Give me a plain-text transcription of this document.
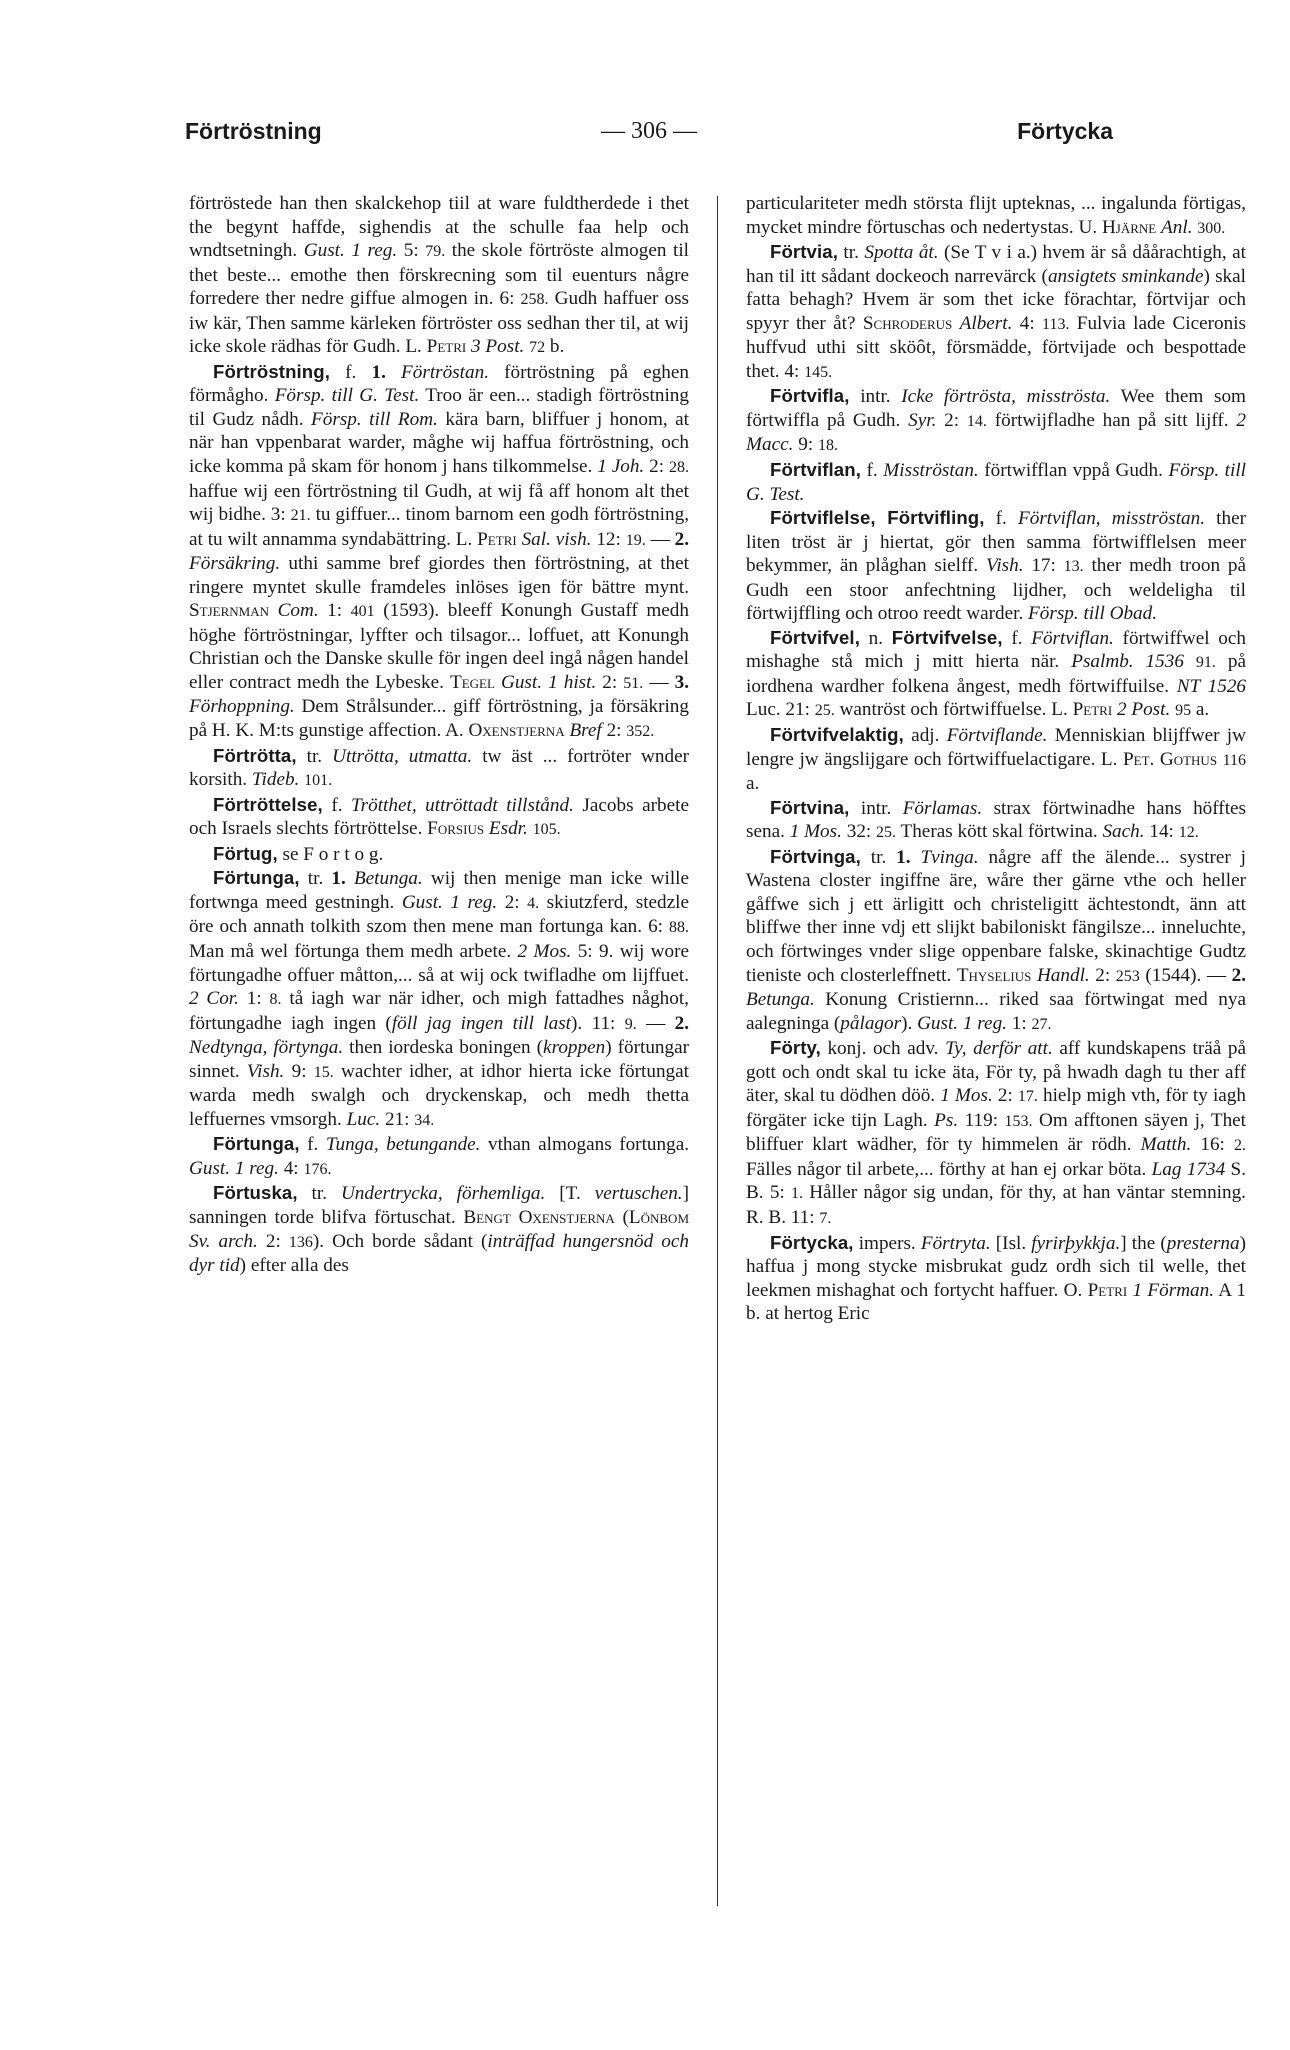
Förtröstning	— 306 —	Förtycka

förtröstede han then skalckehop tiil at ware fuldtherdede i thet the begynt haffde, sighendis at the schulle faa help och wndtsetningh. Gust. 1 reg. 5: 79. the skole förtröste almogen til thet beste... emothe then förskrecning som til euenturs någre forredere ther nedre giffue almogen in. 6: 258. Gudh haffuer oss iw kär, Then samme kärleken förtröster oss sedhan ther til, at wij icke skole rädhas för Gudh. L. Petri 3 Post. 72 b.

Förtröstning, f. 1. Förtröstan. förtröstning på eghen förmågho. Försp. till G. Test. Troo är een... stadigh förtröstning til Gudz nådh. Försp. till Rom. kära barn, bliffuer j honom, at när han vppenbarat warder, måghe wij haffua förtröstning, och icke komma på skam för honom j hans tilkommelse. 1 Joh. 2: 28. haffue wij een förtröstning til Gudh, at wij få aff honom alt thet wij bidhe. 3: 21. tu giffuer... tinom barnom een godh förtröstning, at tu wilt annamma syndabättring. L. Petri Sal. vish. 12: 19. — 2. Försäkring. uthi samme bref giordes then förtröstning, at thet ringere myntet skulle framdeles inlöses igen för bättre mynt. Stjernman Com. 1: 401 (1593). bleeff Konungh Gustaff medh höghe förtröstningar, lyffter och tilsagor... loffuet, att Konungh Christian och the Danske skulle för ingen deel ingå någen handel eller contract medh the Lybeske. Tegel Gust. 1 hist. 2: 51. — 3. Förhoppning. Dem Strålsunder... giff förtröstning, ja försäkring på H. K. M:ts gunstige affection. A. Oxenstjerna Bref 2: 352.

Förtrötta, tr. Uttrötta, utmatta. tw äst ... fortröter wnder korsith. Tideb. 101.

Förtröttelse, f. Trötthet, uttröttadt tillstånd. Jacobs arbete och Israels slechts förtröttelse. Forsius Esdr. 105.

Förtug, se F o r t o g.

Förtunga, tr. 1. Betunga. wij then menige man icke wille fortwnga meed gestningh. Gust. 1 reg. 2: 4. skiutzferd, stedzle öre och annath tolkith szom then mene man fortunga kan. 6: 88. Man må wel förtunga them medh arbete. 2 Mos. 5: 9. wij wore förtungadhe offuer måtton,... så at wij ock twifladhe om lijffuet. 2 Cor. 1: 8. tå iagh war när idher, och migh fattadhes någhot, förtungadhe iagh ingen (föll jag ingen till last). 11: 9. — 2. Nedtynga, förtynga. then iordeska boningen (kroppen) förtungar sinnet. Vish. 9: 15. wachter idher, at idhor hierta icke förtungat warda medh swalgh och dryckenskap, och medh thetta leffuernes vmsorgh. Luc. 21: 34.

Förtunga, f. Tunga, betungande. vthan almogans fortunga. Gust. 1 reg. 4: 176.

Förtuska, tr. Undertrycka, förhemliga. [T. vertuschen.] sanningen torde blifva förtuschat. Bengt Oxenstjerna (Lönbom Sv. arch. 2: 136). Och borde sådant (inträffad hungersnöd och dyr tid) efter alla des

particulariteter medh största flijt upteknas, ... ingalunda förtigas, mycket mindre förtuschas och nedertystas. U. Hjärne Anl. 300.

Förtvia, tr. Spotta åt. (Se T v i a.) hvem är så dåårachtigh, at han til itt sådant dockeoch narrevärck (ansigtets sminkande) skal fatta behagh? Hvem är som thet icke förachtar, förtvijar och spyyr ther åt? Schroderus Albert. 4: 113. Fulvia lade Ciceronis huffvud uthi sitt sköôt, försmädde, förtvijade och bespottade thet. 4: 145.

Förtvifla, intr. Icke förtrösta, misströsta. Wee them som förtwiffla på Gudh. Syr. 2: 14. förtwijfladhe han på sitt lijff. 2 Macc. 9: 18.

Förtviflan, f. Misströstan. förtwifflan vppå Gudh. Försp. till G. Test.

Förtviflelse, Förtvifling, f. Förtviflan, misströstan. ther liten tröst är j hiertat, gör then samma förtwifflelsen meer bekymmer, än plåghan sielff. Vish. 17: 13. ther medh troon på Gudh een stoor anfechtning lijdher, och weldeligha til förtwijffling och otroo reedt warder. Försp. till Obad.

Förtvifvel, n. Förtvifvelse, f. Förtviflan. förtwiffwel och mishaghe stå mich j mitt hierta när. Psalmb. 1536 91. på iordhena wardher folkena ångest, medh förtwiffuilse. NT 1526 Luc. 21: 25. wantröst och förtwiffuelse. L. Petri 2 Post. 95 a.

Förtvifvelaktig, adj. Förtviflande. Menniskian blijffwer jw lengre jw ängslijgare och förtwiffuelactigare. L. Pet. Gothus 116 a.

Förtvina, intr. Förlamas. strax förtwinadhe hans höfftes sena. 1 Mos. 32: 25. Theras kött skal förtwina. Sach. 14: 12.

Förtvinga, tr. 1. Tvinga. någre aff the älende... systrer j Wastena closter ingiffne äre, wåre ther gärne vthe och heller gåffwe sich j ett ärligitt och christeligitt ächtestondt, änn att bliffwe ther inne vdj ett slijkt babiloniskt fängilsze... inneluchte, och förtwinges vnder slige oppenbare falske, skinachtige Gudtz tieniste och closterleffnett. Thyselius Handl. 2: 253 (1544). — 2. Betunga. Konung Cristiernn... riked saa förtwingat med nya aalegninga (pålagor). Gust. 1 reg. 1: 27.

Förty, konj. och adv. Ty, derför att. aff kundskapens träå på gott och ondt skal tu icke äta, För ty, på hwadh dagh tu ther aff äter, skal tu dödhen döö. 1 Mos. 2: 17. hielp migh vth, för ty iagh förgäter icke tijn Lagh. Ps. 119: 153. Om afftonen säyen j, Thet bliffuer klart wädher, för ty himmelen är rödh. Matth. 16: 2. Fälles någor til arbete,... förthy at han ej orkar böta. Lag 1734 S. B. 5: 1. Håller någor sig undan, för thy, at han väntar stemning. R. B. 11: 7.

Förtycka, impers. Förtryta. [Isl. fyrirþykkja.] the (presterna) haffua j mong stycke misbrukat gudz ordh sich til welle, thet leekmen mishaghat och fortycht haffuer. O. Petri 1 Förman. A 1 b. at hertog Eric
